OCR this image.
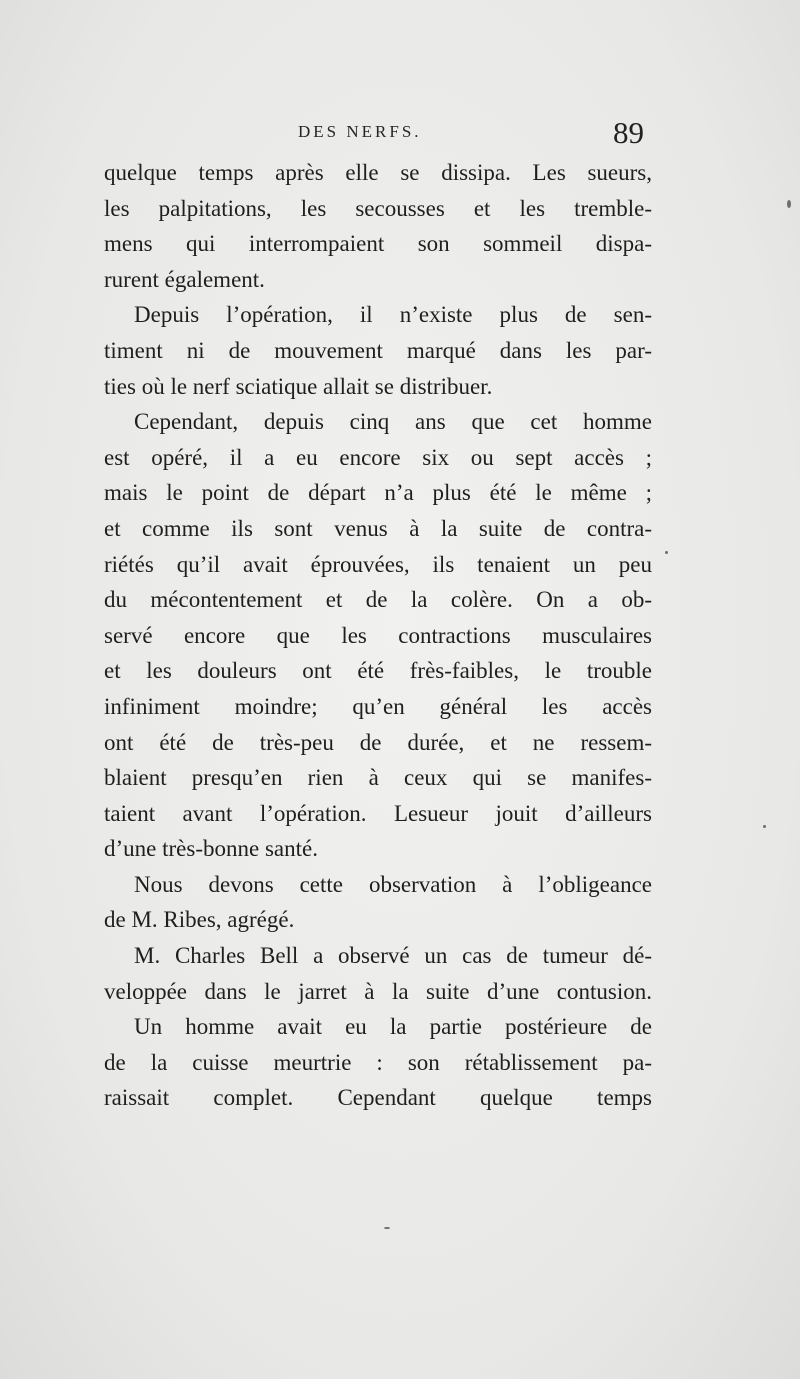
DES NERFS.	89
quelque temps après elle se dissipa. Les sueurs,
les palpitations, les secousses et les tremble-
mens qui interrompaient son sommeil dispa-
rurent également.
Depuis l’opération, il n’existe plus de sen-
timent ni de mouvement marqué dans les par-
ties où le nerf sciatique allait se distribuer.
Cependant, depuis cinq ans que cet homme
est opéré, il a eu encore six ou sept accès ;
mais le point de départ n’a plus été le même ;
et comme ils sont venus à la suite de contra-
riétés qu’il avait éprouvées, ils tenaient un peu
du mécontentement et de la colère. On a ob-
servé encore que les contractions musculaires
et les douleurs ont été frès-faibles, le trouble
infiniment moindre; qu’en général les accès
ont été de très-peu de durée, et ne ressem-
blaient presqu’en rien à ceux qui se manifes-
taient avant l’opération. Lesueur jouit d’ailleurs
d’une très-bonne santé.
Nous devons cette observation à l’obligeance
de M. Ribes, agrégé.
M. Charles Bell a observé un cas de tumeur dé-
veloppée dans le jarret à la suite d’une contusion.
Un homme avait eu la partie postérieure de
de la cuisse meurtrie : son rétablissement pa-
raissait complet. Cependant quelque temps
